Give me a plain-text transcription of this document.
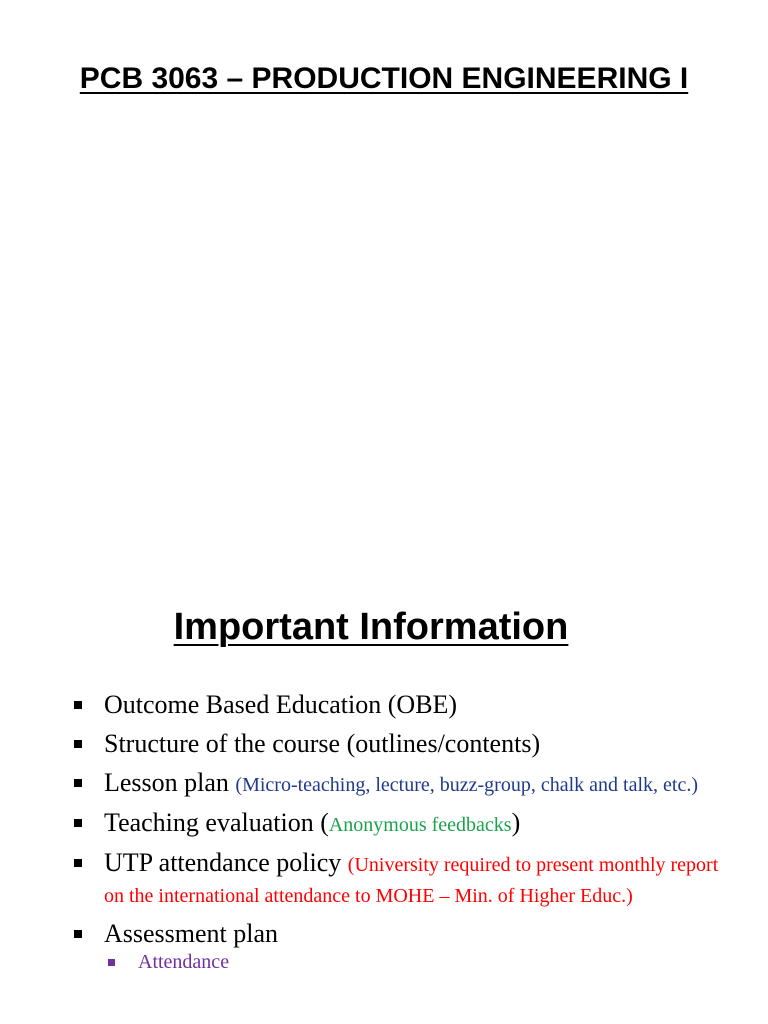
PCB 3063 – PRODUCTION ENGINEERING I
Important Information
Outcome Based Education (OBE)
Structure of the course (outlines/contents)
Lesson plan (Micro-teaching, lecture, buzz-group, chalk and talk, etc.)
Teaching evaluation (Anonymous feedbacks)
UTP attendance policy (University required to present monthly report on the international attendance to MOHE – Min. of Higher Educ.)
Assessment plan
Attendance
